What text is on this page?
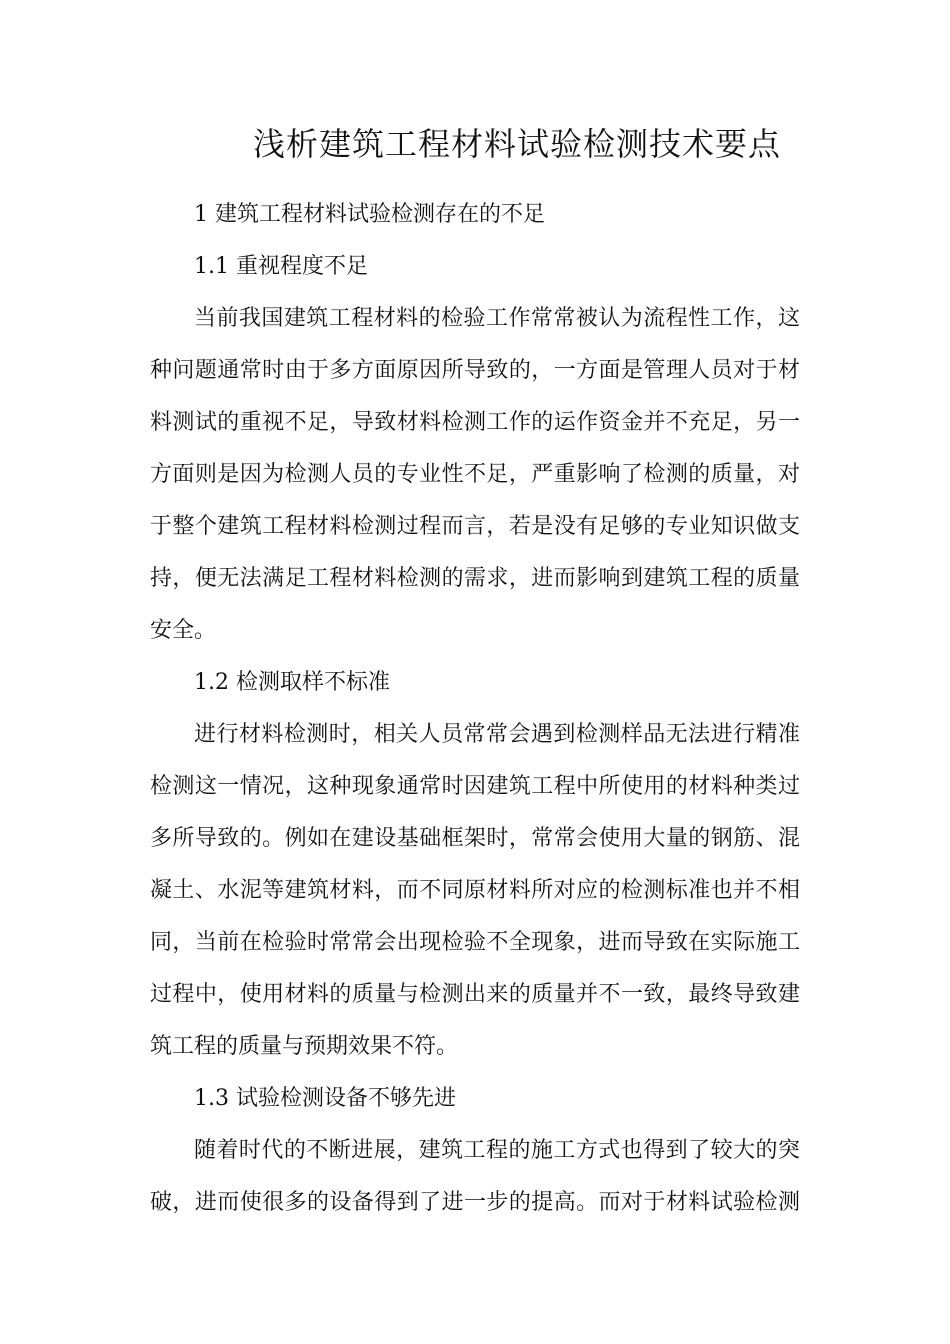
浅析建筑工程材料试验检测技术要点

1 建筑工程材料试验检测存在的不足

1.1 重视程度不足

当前我国建筑工程材料的检验工作常常被认为流程性工作，这

种问题通常时由于多方面原因所导致的，一方面是管理人员对于材

料测试的重视不足，导致材料检测工作的运作资金并不充足，另一

方面则是因为检测人员的专业性不足，严重影响了检测的质量，对

于整个建筑工程材料检测过程而言，若是没有足够的专业知识做支

持，便无法满足工程材料检测的需求，进而影响到建筑工程的质量

安全。

1.2 检测取样不标准

进行材料检测时，相关人员常常会遇到检测样品无法进行精准

检测这一情况，这种现象通常时因建筑工程中所使用的材料种类过

多所导致的。例如在建设基础框架时，常常会使用大量的钢筋、混

凝土、水泥等建筑材料，而不同原材料所对应的检测标准也并不相

同，当前在检验时常常会出现检验不全现象，进而导致在实际施工

过程中，使用材料的质量与检测出来的质量并不一致，最终导致建

筑工程的质量与预期效果不符。

1.3 试验检测设备不够先进

随着时代的不断进展，建筑工程的施工方式也得到了较大的突

破，进而使很多的设备得到了进一步的提高。而对于材料试验检测
